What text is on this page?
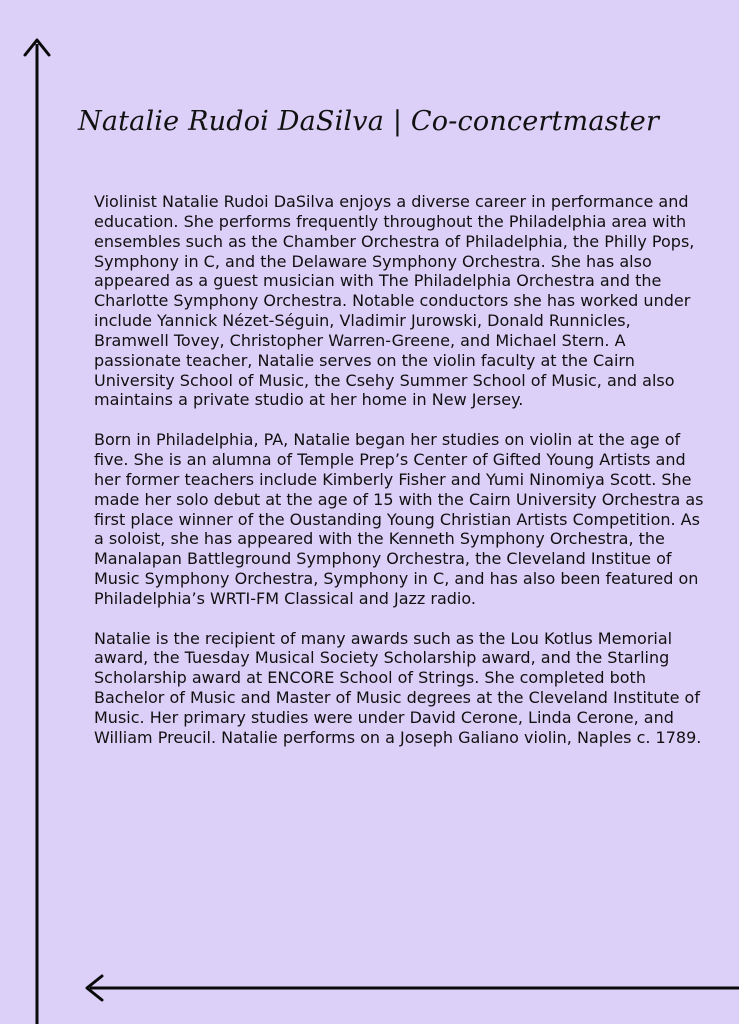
Natalie Rudoi DaSilva | Co-concertmaster

Violinist Natalie Rudoi DaSilva enjoys a diverse career in performance and education. She performs frequently throughout the Philadelphia area with ensembles such as the Chamber Orchestra of Philadelphia, the Philly Pops, Symphony in C, and the Delaware Symphony Orchestra. She has also appeared as a guest musician with The Philadelphia Orchestra and the Charlotte Symphony Orchestra. Notable conductors she has worked under include Yannick Nézet-Séguin, Vladimir Jurowski, Donald Runnicles, Bramwell Tovey, Christopher Warren-Greene, and Michael Stern. A passionate teacher, Natalie serves on the violin faculty at the Cairn University School of Music, the Csehy Summer School of Music, and also maintains a private studio at her home in New Jersey.

Born in Philadelphia, PA, Natalie began her studies on violin at the age of five. She is an alumna of Temple Prep’s Center of Gifted Young Artists and her former teachers include Kimberly Fisher and Yumi Ninomiya Scott. She made her solo debut at the age of 15 with the Cairn University Orchestra as first place winner of the Oustanding Young Christian Artists Competition. As a soloist, she has appeared with the Kenneth Symphony Orchestra, the Manalapan Battleground Symphony Orchestra, the Cleveland Institue of Music Symphony Orchestra, Symphony in C, and has also been featured on Philadelphia’s WRTI-FM Classical and Jazz radio.

Natalie is the recipient of many awards such as the Lou Kotlus Memorial award, the Tuesday Musical Society Scholarship award, and the Starling Scholarship award at ENCORE School of Strings. She completed both Bachelor of Music and Master of Music degrees at the Cleveland Institute of Music. Her primary studies were under David Cerone, Linda Cerone, and William Preucil. Natalie performs on a Joseph Galiano violin, Naples c. 1789.
